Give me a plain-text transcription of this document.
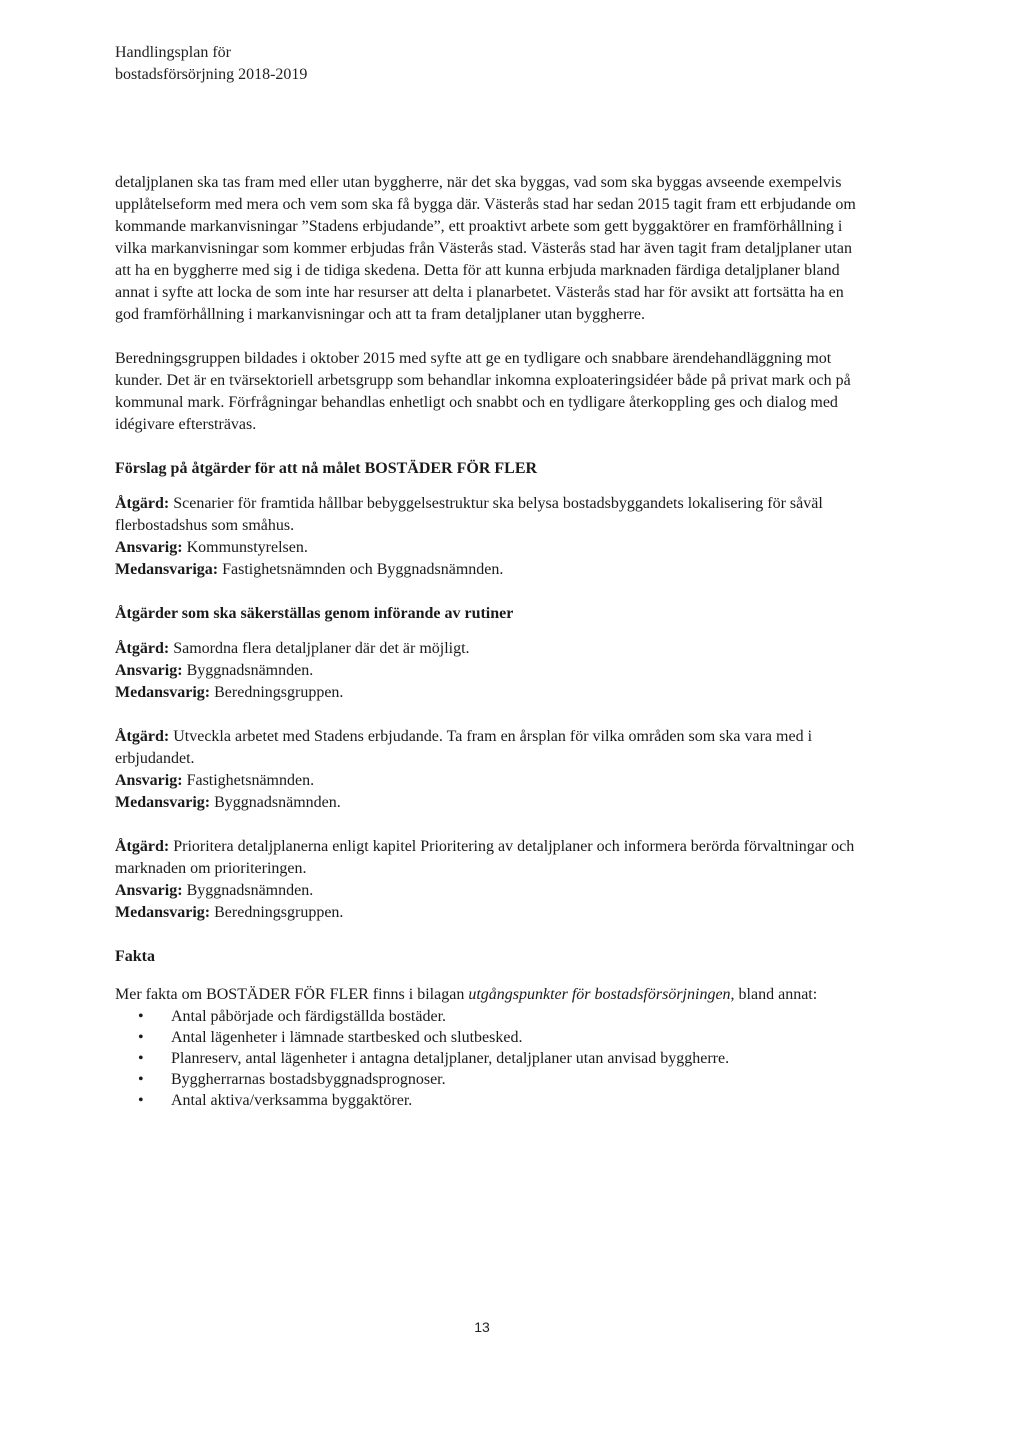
Handlingsplan för
bostadsförsörjning 2018-2019

detaljplanen ska tas fram med eller utan byggherre, när det ska byggas, vad som ska byggas avseende exempelvis upplåtelseform med mera och vem som ska få bygga där. Västerås stad har sedan 2015 tagit fram ett erbjudande om kommande markanvisningar ”Stadens erbjudande”, ett proaktivt arbete som gett byggaktörer en framförhållning i vilka markanvisningar som kommer erbjudas från Västerås stad. Västerås stad har även tagit fram detaljplaner utan att ha en byggherre med sig i de tidiga skedena. Detta för att kunna erbjuda marknaden färdiga detaljplaner bland annat i syfte att locka de som inte har resurser att delta i planarbetet. Västerås stad har för avsikt att fortsätta ha en god framförhållning i markanvisningar och att ta fram detaljplaner utan byggherre.

Beredningsgruppen bildades i oktober 2015 med syfte att ge en tydligare och snabbare ärendehandläggning mot kunder. Det är en tvärsektoriell arbetsgrupp som behandlar inkomna exploateringsidéer både på privat mark och på kommunal mark. Förfrågningar behandlas enhetligt och snabbt och en tydligare återkoppling ges och dialog med idégivare eftersträvas.

Förslag på åtgärder för att nå målet BOSTÄDER FÖR FLER

Åtgärd: Scenarier för framtida hållbar bebyggelsestruktur ska belysa bostadsbyggandets lokalisering för såväl flerbostadshus som småhus.

Ansvarig: Kommunstyrelsen.

Medansvariga: Fastighetsnämnden och Byggnadsnämnden.

Åtgärder som ska säkerställas genom införande av rutiner

Åtgärd: Samordna flera detaljplaner där det är möjligt.

Ansvarig: Byggnadsnämnden.

Medansvarig: Beredningsgruppen.

Åtgärd: Utveckla arbetet med Stadens erbjudande. Ta fram en årsplan för vilka områden som ska vara med i erbjudandet.

Ansvarig: Fastighetsnämnden.

Medansvarig: Byggnadsnämnden.

Åtgärd: Prioritera detaljplanerna enligt kapitel Prioritering av detaljplaner och informera berörda förvaltningar och marknaden om prioriteringen.

Ansvarig: Byggnadsnämnden.

Medansvarig: Beredningsgruppen.

Fakta

Mer fakta om BOSTÄDER FÖR FLER finns i bilagan utgångspunkter för bostadsförsörjningen, bland annat:

• Antal påbörjade och färdigställda bostäder.
• Antal lägenheter i lämnade startbesked och slutbesked.
• Planreserv, antal lägenheter i antagna detaljplaner, detaljplaner utan anvisad byggherre.
• Byggherrarnas bostadsbyggnadsprognoser.
• Antal aktiva/verksamma byggaktörer.
13
